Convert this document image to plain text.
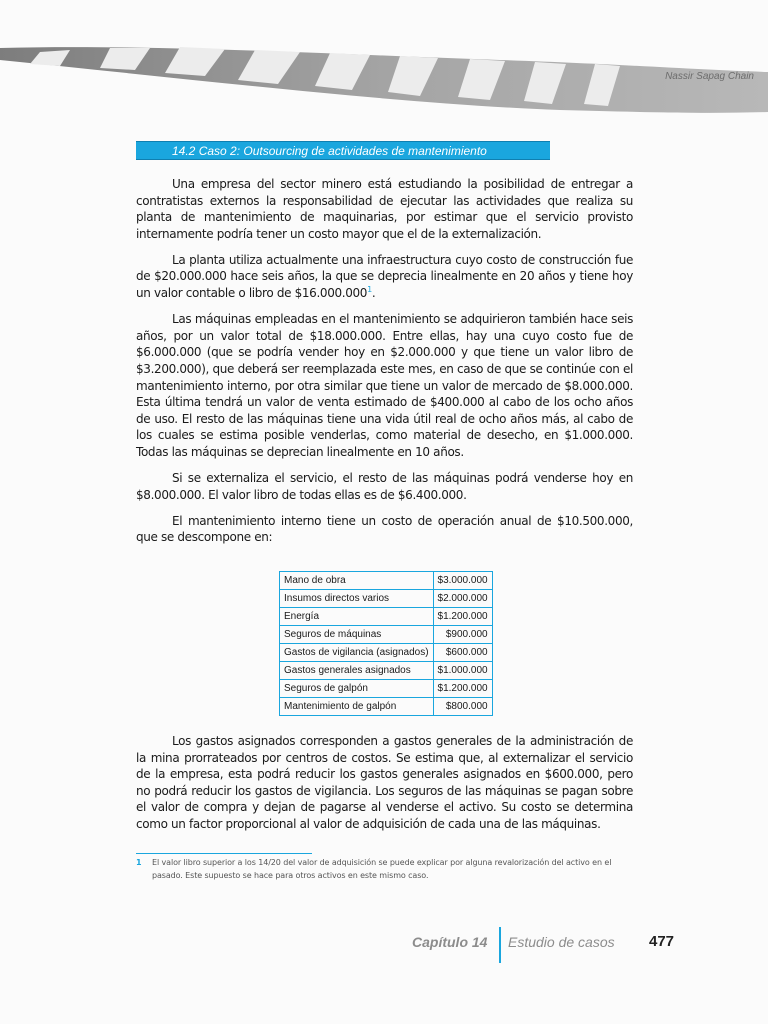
Nassir Sapag Chain
14.2 Caso 2: Outsourcing de actividades de mantenimiento

Una empresa del sector minero está estudiando la posibilidad de entregar a contratistas externos la responsabilidad de ejecutar las actividades que realiza su planta de mantenimiento de maquinarias, por estimar que el servicio provisto internamente podría tener un costo mayor que el de la externalización.

La planta utiliza actualmente una infraestructura cuyo costo de construcción fue de $20.000.000 hace seis años, la que se deprecia linealmente en 20 años y tiene hoy un valor contable o libro de $16.000.000$^1$.

Las máquinas empleadas en el mantenimiento se adquirieron también hace seis años, por un valor total de $18.000.000. Entre ellas, hay una cuyo costo fue de $6.000.000 (que se podría vender hoy en $2.000.000 y que tiene un valor libro de $3.200.000), que deberá ser reemplazada este mes, en caso de que se continúe con el mantenimiento interno, por otra similar que tiene un valor de mercado de $8.000.000. Esta última tendrá un valor de venta estimado de $400.000 al cabo de los ocho años de uso. El resto de las máquinas tiene una vida útil real de ocho años más, al cabo de los cuales se estima posible venderlas, como material de desecho, en $1.000.000. Todas las máquinas se deprecian linealmente en 10 años.

Si se externaliza el servicio, el resto de las máquinas podrá venderse hoy en $8.000.000. El valor libro de todas ellas es de $6.400.000.

El mantenimiento interno tiene un costo de operación anual de $10.500.000, que se descompone en:

Mano de obra	$3.000.000
Insumos directos varios	$2.000.000
Energía	$1.200.000
Seguros de máquinas	$900.000
Gastos de vigilancia (asignados)	$600.000
Gastos generales asignados	$1.000.000
Seguros de galpón	$1.200.000
Mantenimiento de galpón	$800.000

Los gastos asignados corresponden a gastos generales de la administración de la mina prorrateados por centros de costos. Se estima que, al externalizar el servicio de la empresa, esta podrá reducir los gastos generales asignados en $600.000, pero no podrá reducir los gastos de vigilancia. Los seguros de las máquinas se pagan sobre el valor de compra y dejan de pagarse al venderse el activo. Su costo se determina como un factor proporcional al valor de adquisición de cada una de las máquinas.

1 El valor libro superior a los 14/20 del valor de adquisición se puede explicar por alguna revalorización del activo en el pasado. Este supuesto se hace para otros activos en este mismo caso.
Capítulo 14 Estudio de casos 477
